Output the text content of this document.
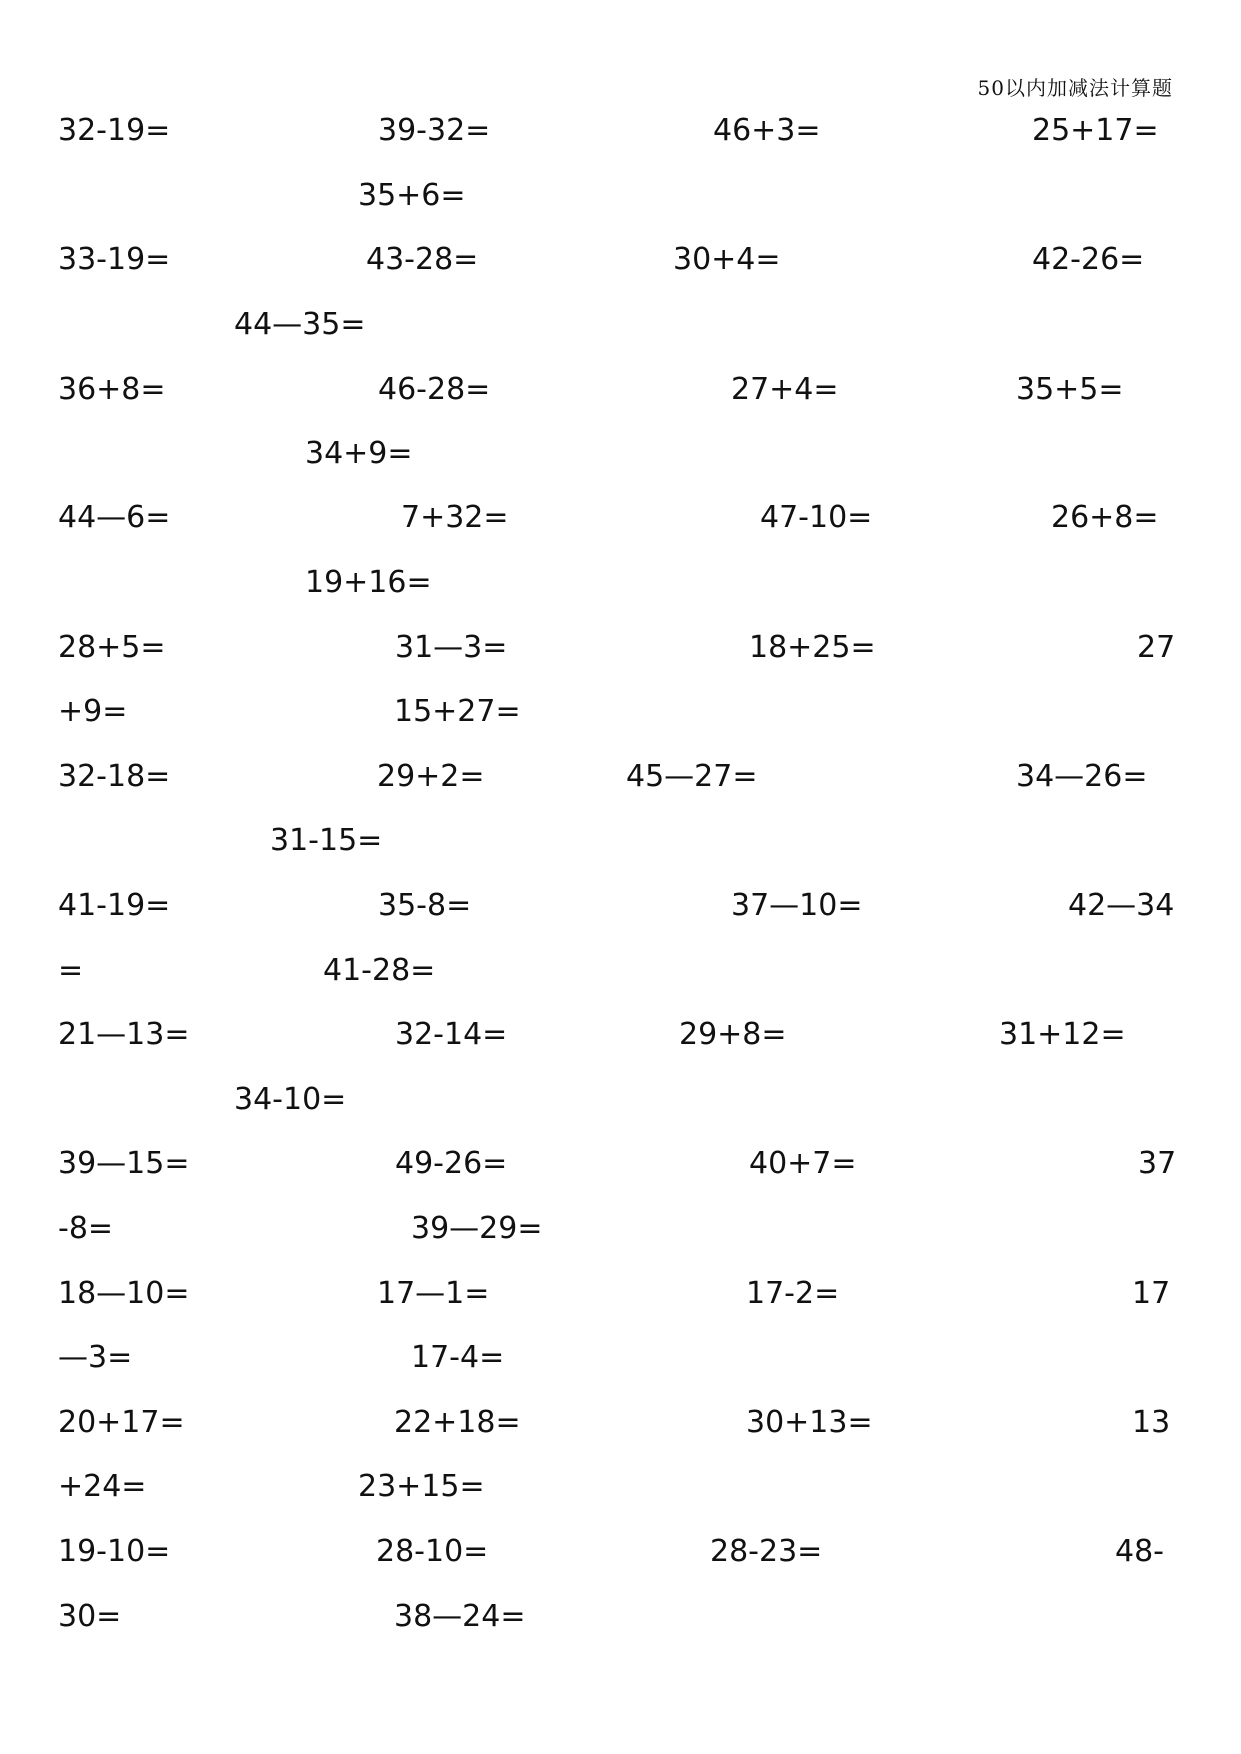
50以内加减法计算题
32-19=	39-32=	46+3=	25+17=
35+6=
33-19=	43-28=	30+4=	42-26=
44—35=
36+8=	46-28=	27+4=	35+5=
34+9=
44—6=	7+32=	47-10=	26+8=
19+16=
28+5=	31—3=	18+25=	27
+9=	15+27=
32-18=	29+2=	45—27=	34—26=
31-15=
41-19=	35-8=	37—10=	42—34
=	41-28=
21—13=	32-14=	29+8=	31+12=
34-10=
39—15=	49-26=	40+7=	37
-8=	39—29=
18—10=	17—1=	17-2=	17
—3=	17-4=
20+17=	22+18=	30+13=	13
+24=	23+15=
19-10=	28-10=	28-23=	48-
30=	38—24=
